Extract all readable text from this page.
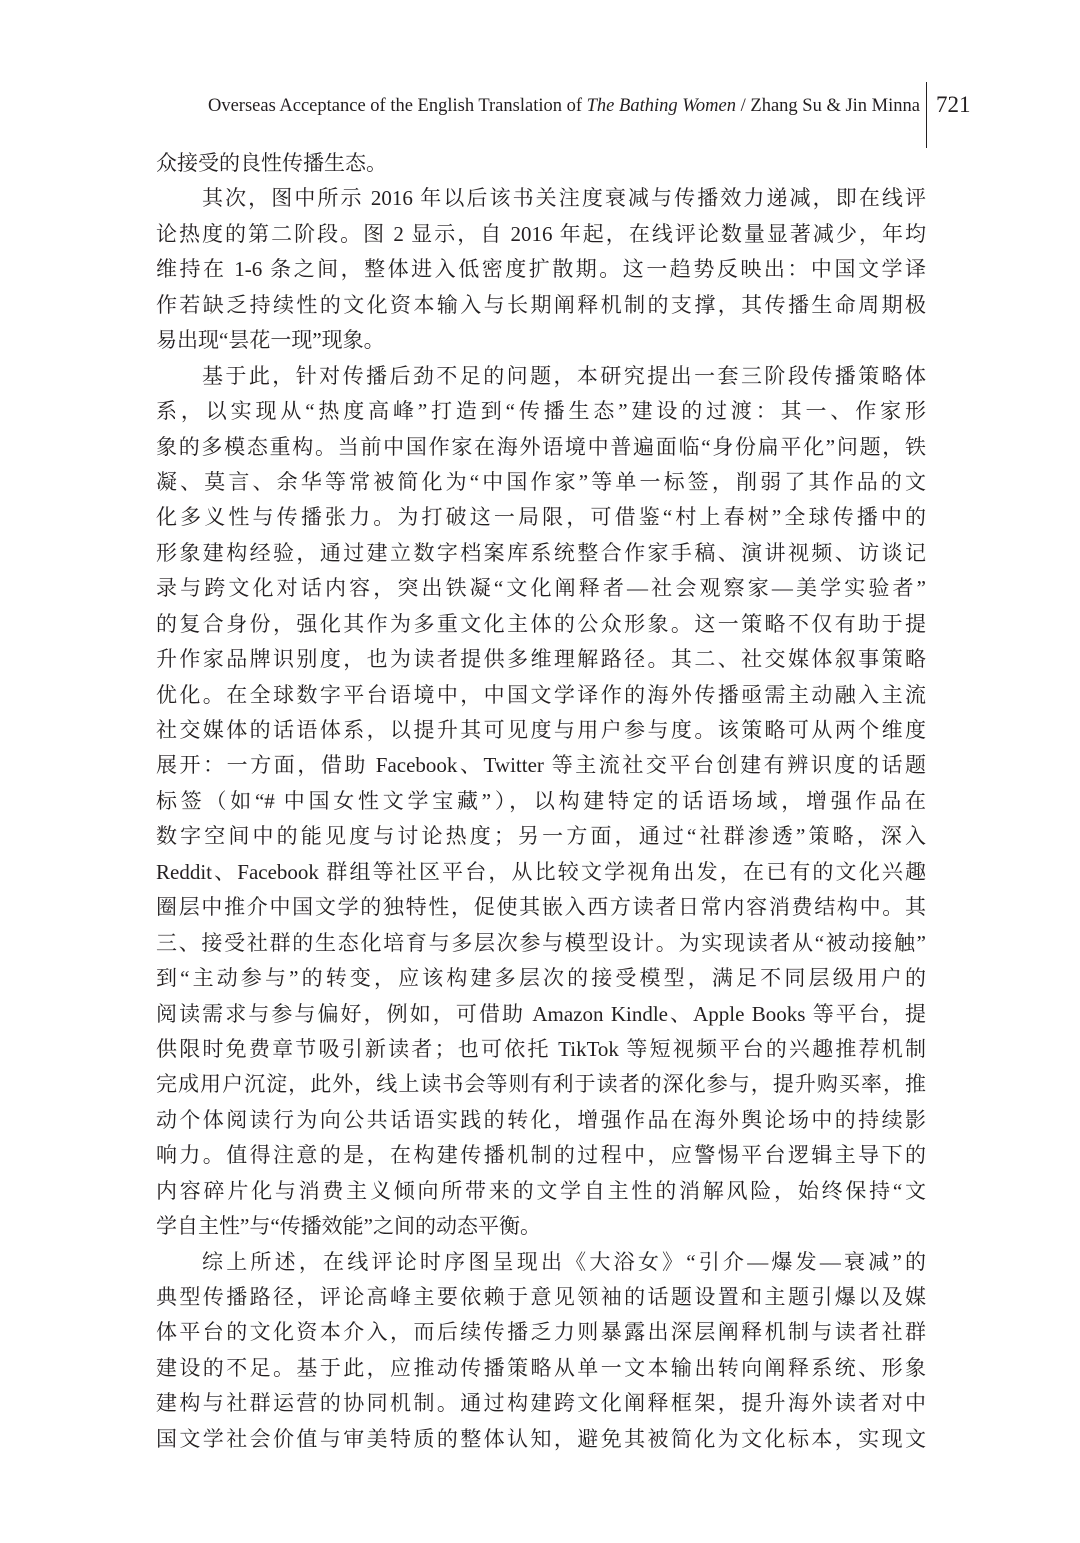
Overseas Acceptance of the English Translation of The Bathing Women / Zhang Su & Jin Minna 721
众接受的良性传播生态。
其次，图中所示 2016 年以后该书关注度衰减与传播效力递减，即在线评
论热度的第二阶段。图 2 显示，自 2016 年起，在线评论数量显著减少，年均
维持在 1-6 条之间，整体进入低密度扩散期。这一趋势反映出：中国文学译
作若缺乏持续性的文化资本输入与长期阐释机制的支撑，其传播生命周期极
易出现“昙花一现”现象。
基于此，针对传播后劲不足的问题，本研究提出一套三阶段传播策略体
系，以实现从“热度高峰”打造到“传播生态”建设的过渡：其一、作家形
象的多模态重构。当前中国作家在海外语境中普遍面临“身份扁平化”问题，铁
凝、莫言、余华等常被简化为“中国作家”等单一标签，削弱了其作品的文
化多义性与传播张力。为打破这一局限，可借鉴“村上春树”全球传播中的
形象建构经验，通过建立数字档案库系统整合作家手稿、演讲视频、访谈记
录与跨文化对话内容，突出铁凝“文化阐释者—社会观察家—美学实验者”
的复合身份，强化其作为多重文化主体的公众形象。这一策略不仅有助于提
升作家品牌识别度，也为读者提供多维理解路径。其二、社交媒体叙事策略
优化。在全球数字平台语境中，中国文学译作的海外传播亟需主动融入主流
社交媒体的话语体系，以提升其可见度与用户参与度。该策略可从两个维度
展开：一方面，借助 Facebook、Twitter 等主流社交平台创建有辨识度的话题
标签（如“# 中国女性文学宝藏”），以构建特定的话语场域，增强作品在
数字空间中的能见度与讨论热度；另一方面，通过“社群渗透”策略，深入
Reddit、Facebook 群组等社区平台，从比较文学视角出发，在已有的文化兴趣
圈层中推介中国文学的独特性，促使其嵌入西方读者日常内容消费结构中。其
三、接受社群的生态化培育与多层次参与模型设计。为实现读者从“被动接触”
到“主动参与”的转变，应该构建多层次的接受模型，满足不同层级用户的
阅读需求与参与偏好，例如，可借助 Amazon Kindle、Apple Books 等平台，提
供限时免费章节吸引新读者；也可依托 TikTok 等短视频平台的兴趣推荐机制
完成用户沉淀，此外，线上读书会等则有利于读者的深化参与，提升购买率，推
动个体阅读行为向公共话语实践的转化，增强作品在海外舆论场中的持续影
响力。值得注意的是，在构建传播机制的过程中，应警惕平台逻辑主导下的
内容碎片化与消费主义倾向所带来的文学自主性的消解风险，始终保持“文
学自主性”与“传播效能”之间的动态平衡。
综上所述，在线评论时序图呈现出《大浴女》“引介—爆发—衰减”的
典型传播路径，评论高峰主要依赖于意见领袖的话题设置和主题引爆以及媒
体平台的文化资本介入，而后续传播乏力则暴露出深层阐释机制与读者社群
建设的不足。基于此，应推动传播策略从单一文本输出转向阐释系统、形象
建构与社群运营的协同机制。通过构建跨文化阐释框架，提升海外读者对中
国文学社会价值与审美特质的整体认知，避免其被简化为文化标本，实现文
